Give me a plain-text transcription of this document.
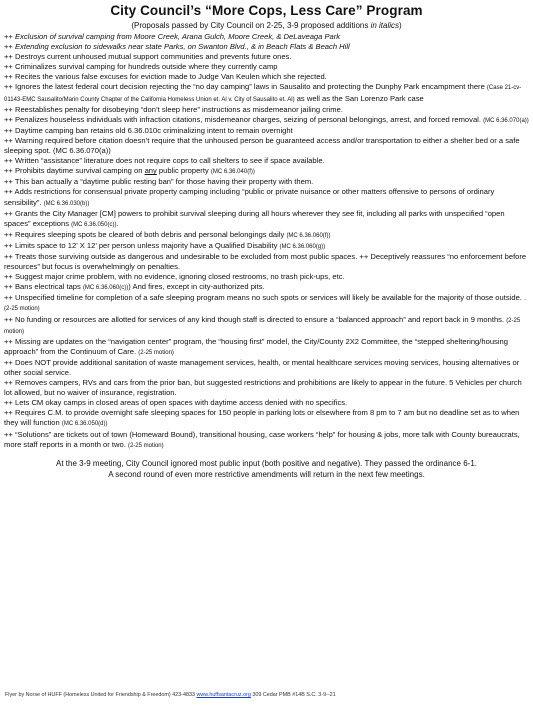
City Council’s “More Cops, Less Care” Program
(Proposals passed by City Council on 2-25, 3-9 proposed additions in italics)

++ Exclusion of survival camping from Moore Creek, Arana Gulch, Moore Creek, & DeLaveaga Park

++ Extending exclusion to sidewalks near state Parks, on Swanton Blvd., & in Beach Flats & Beach Hill

++ Destroys current unhoused mutual support communities and prevents future ones.

++ Criminalizes survival camping for hundreds outside where they currently camp

++ Recites the various false excuses for eviction made to Judge Van Keulen which she rejected.

++ Ignores the latest federal court decision rejecting the “no day camping” laws in Sausalito and protecting the Dunphy Park encampment there (Case 21-cv-01143-EMC Sausalito/Marin County Chapter of the California Homeless Union et. Al v. City of Sausalito et. Al) as well as the San Lorenzo Park case

++ Reestablishes penalty for disobeying “don’t sleep here” instructions as misdemeanor jailing crime.

++ Penalizes houseless individuals with infraction citations, misdemeanor charges, seizing of personal belongings, arrest, and forced removal. (MC 6.36.070(a))

++ Daytime camping ban retains old 6.36.010c criminalizing intent to remain overnight

++ Warning required before citation doesn’t require that the unhoused person be guaranteed access and/or transportation to either a shelter bed or a safe sleeping spot. (MC 6.36.070(a))

++ Written “assistance” literature does not require cops to call shelters to see if space available.

++ Prohibits daytime survival camping on any public property (MC 6.36.040(f))

++ This ban actually a “daytime public resting ban” for those having their property with them.

++ Adds restrictions for consensual private property camping including “public or private nuisance or other matters offensive to persons of ordinary sensibility”. (MC 6.36.030(b))

++ Grants the City Manager [CM] powers to prohibit survival sleeping during all hours wherever they see fit, including all parks with unspecified “open spaces” exceptions (MC 6.36.050(c)).

++ Requires sleeping spots be cleared of both debris and personal belongings daily (MC 6.36.060(f))

++ Limits space to 12’ X 12’ per person unless majority have a Qualified Disability (MC 6.36.060(g))

++ Treats those surviving outside as dangerous and undesirable to be excluded from most public spaces. ++ Deceptively reassures “no enforcement before resources” but focus is overwhelmingly on penalties.

++ Suggest major crime problem, with no evidence, ignoring closed restrooms, no trash pick-ups, etc.

++ Bans electrical taps (MC 6.36.060(c))) And fires, except in city-authorized pits.

++ Unspecified timeline for completion of a safe sleeping program means no such spots or services will likely be available for the majority of those outside. . (2-25 motion)

++ No funding or resources are allotted for services of any kind though staff is directed to ensure a “balanced approach” and report back in 9 months. (2-25 motion)

++ Missing are updates on the “navigation center” program, the “housing first” model, the City/County 2X2 Committee, the “stepped sheltering/housing approach” from the Continuum of Care. (2-25 motion)

++ Does NOT provide additional sanitation of waste management services, health, or mental healthcare services moving services, housing alternatives or other social service.

++ Removes campers, RVs and cars from the prior ban, but suggested restrictions and prohibitions are likely to appear in the future. 5 Vehicles per church lot allowed, but no waiver of insurance, registration.

++ Lets CM okay camps in closed areas of open spaces with daytime access denied with no specifics.

++ Requires C.M. to provide overnight safe sleeping spaces for 150 people in parking lots or elsewhere from 8 pm to 7 am but no deadline set as to when they will function (MC 6.36.050(d))

++ “Solutions” are tickets out of town (Homeward Bound), transitional housing, case workers “help” for housing & jobs, more talk with County bureaucrats, more staff reports in a month or two. (2-25 motion)

At the 3-9 meeting, City Council ignored most public input (both positive and negative). They passed the ordinance 6-1.
A second round of even more restrictive amendments will return in the next few meetings.
Flyer by Norse of HUFF (Homeless United for Friendship & Freedom) 423-4833 www.huffsantacruz.org 309 Cedar PMB #14B S.C. 3-9--21
